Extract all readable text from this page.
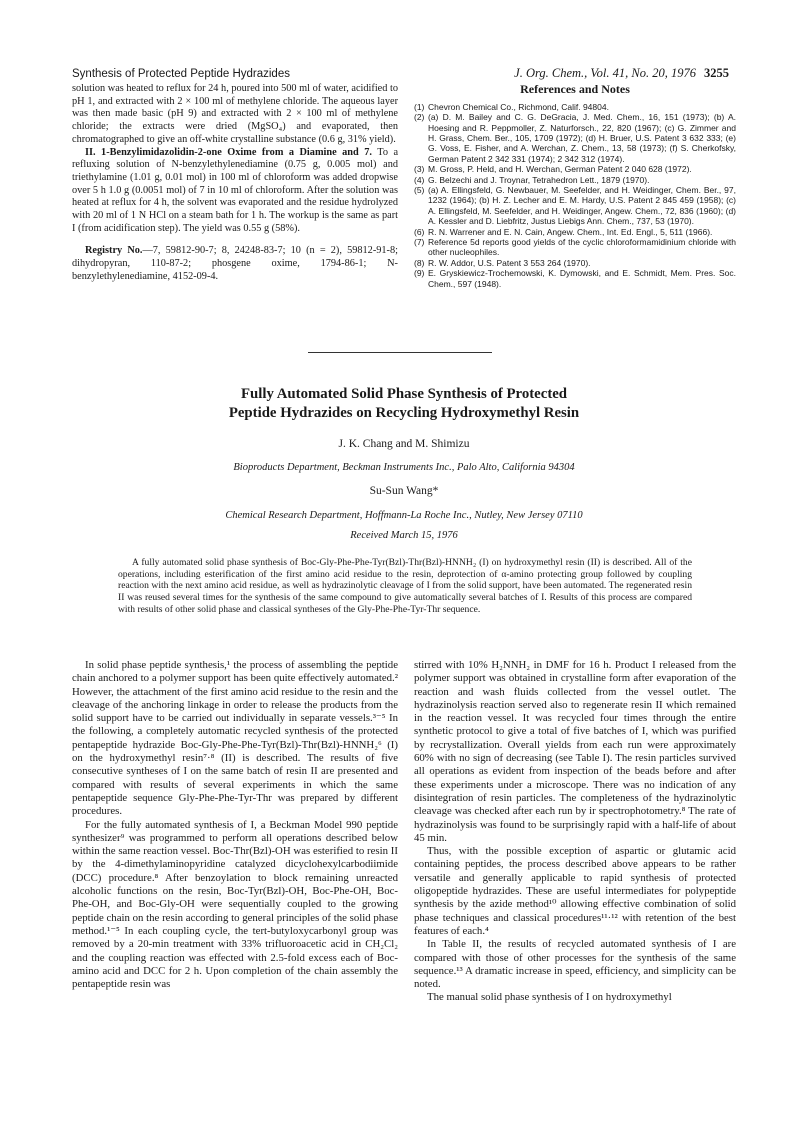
Synthesis of Protected Peptide Hydrazides	J. Org. Chem., Vol. 41, No. 20, 1976 3255

solution was heated to reflux for 24 h, poured into 500 ml of water, acidified to pH 1, and extracted with 2 × 100 ml of methylene chloride. The aqueous layer was then made basic (pH 9) and extracted with 2 × 100 ml of methylene chloride; the extracts were dried (MgSO₄) and evaporated, then chromatographed to give an off-white crystalline substance (0.6 g, 31% yield).

II. 1-Benzylimidazolidin-2-one Oxime from a Diamine and 7. To a refluxing solution of N-benzylethylenediamine (0.75 g, 0.005 mol) and triethylamine (1.01 g, 0.01 mol) in 100 ml of chloroform was added dropwise over 5 h 1.0 g (0.0051 mol) of 7 in 10 ml of chloroform. After the solution was heated at reflux for 4 h, the solvent was evaporated and the residue hydrolyzed with 20 ml of 1 N HCl on a steam bath for 1 h. The workup is the same as part I (from acidification step). The yield was 0.55 g (58%).

Registry No.—7, 59812-90-7; 8, 24248-83-7; 10 (n = 2), 59812-91-8; dihydropyran, 110-87-2; phosgene oxime, 1794-86-1; N-benzylethylenediamine, 4152-09-4.

References and Notes
(1) Chevron Chemical Co., Richmond, Calif. 94804.
(2) (a) D. M. Bailey and C. G. DeGracia, J. Med. Chem., 16, 151 (1973); (b) A. Hoesing and R. Peppmoller, Z. Naturforsch., 22, 820 (1967); (c) G. Zimmer and H. Grass, Chem. Ber., 105, 1709 (1972); (d) H. Bruer, U.S. Patent 3 632 333; (e) G. Voss, E. Fisher, and A. Werchan, Z. Chem., 13, 58 (1973); (f) S. Cherkofsky, German Patent 2 342 331 (1974); 2 342 312 (1974).
(3) M. Gross, P. Held, and H. Werchan, German Patent 2 040 628 (1972).
(4) G. Belzechi and J. Troynar, Tetrahedron Lett., 1879 (1970).
(5) (a) A. Ellingsfeld, G. Newbauer, M. Seefelder, and H. Weidinger, Chem. Ber., 97, 1232 (1964); (b) H. Z. Lecher and E. M. Hardy, U.S. Patent 2 845 459 (1958); (c) A. Ellingsfeld, M. Seefelder, and H. Weidinger, Angew. Chem., 72, 836 (1960); (d) A. Kessler and D. Liebfritz, Justus Liebigs Ann. Chem., 737, 53 (1970).
(6) R. N. Warrener and E. N. Cain, Angew. Chem., Int. Ed. Engl., 5, 511 (1966).
(7) Reference 5d reports good yields of the cyclic chloroformamidinium chloride with other nucleophiles.
(8) R. W. Addor, U.S. Patent 3 553 264 (1970).
(9) E. Gryskiewicz-Trochemowski, K. Dymowski, and E. Schmidt, Mem. Pres. Soc. Chem., 597 (1948).
Fully Automated Solid Phase Synthesis of Protected
Peptide Hydrazides on Recycling Hydroxymethyl Resin
J. K. Chang and M. Shimizu
Bioproducts Department, Beckman Instruments Inc., Palo Alto, California 94304
Su-Sun Wang*
Chemical Research Department, Hoffmann-La Roche Inc., Nutley, New Jersey 07110
Received March 15, 1976
A fully automated solid phase synthesis of Boc-Gly-Phe-Phe-Tyr(Bzl)-Thr(Bzl)-HNNH₂ (I) on hydroxymethyl resin (II) is described. All of the operations, including esterification of the first amino acid residue to the resin, deprotection of α-amino protecting group followed by coupling reaction with the next amino acid residue, as well as hydrazinolytic cleavage of I from the solid support, have been automated. The regenerated resin II was reused several times for the synthesis of the same compound to give automatically several batches of I. Results of this process are compared with results of other solid phase and classical syntheses of the Gly-Phe-Phe-Tyr-Thr sequence.

In solid phase peptide synthesis,¹ the process of assembling the peptide chain anchored to a polymer support has been quite effectively automated.² However, the attachment of the first amino acid residue to the resin and the cleavage of the anchoring linkage in order to release the products from the solid support have to be carried out individually in separate vessels.³⁻⁵ In the following, a completely automatic recycled synthesis of the protected pentapeptide hydrazide Boc-Gly-Phe-Phe-Tyr(Bzl)-Thr(Bzl)-HNNH₂⁶ (I) on the hydroxymethyl resin⁷·⁸ (II) is described. The results of five consecutive syntheses of I on the same batch of resin II are presented and compared with results of several experiments in which the same pentapeptide sequence Gly-Phe-Phe-Tyr-Thr was prepared by different procedures.

For the fully automated synthesis of I, a Beckman Model 990 peptide synthesizer⁹ was programmed to perform all operations described below within the same reaction vessel. Boc-Thr(Bzl)-OH was esterified to resin II by the 4-dimethylaminopyridine catalyzed dicyclohexylcarbodiimide (DCC) procedure.⁸ After benzoylation to block remaining unreacted alcoholic functions on the resin, Boc-Tyr(Bzl)-OH, Boc-Phe-OH, Boc-Phe-OH, and Boc-Gly-OH were sequentially coupled to the growing peptide chain on the resin according to general principles of the solid phase method.¹⁻⁵ In each coupling cycle, the tert-butyloxycarbonyl group was removed by a 20-min treatment with 33% trifluoroacetic acid in CH₂Cl₂ and the coupling reaction was effected with 2.5-fold excess each of Boc-amino acid and DCC for 2 h. Upon completion of the chain assembly the pentapeptide resin was

stirred with 10% H₂NNH₂ in DMF for 16 h. Product I released from the polymer support was obtained in crystalline form after evaporation of the reaction and wash fluids collected from the vessel outlet. The hydrazinolysis reaction served also to regenerate resin II which remained in the reaction vessel. It was recycled four times through the entire synthetic protocol to give a total of five batches of I, which was purified by recrystallization. Overall yields from each run were approximately 60% with no sign of decreasing (see Table I). The resin particles survived all operations as evident from inspection of the beads before and after these experiments under a microscope. There was no indication of any disintegration of resin particles. The completeness of the hydrazinolytic cleavage was checked after each run by ir spectrophotometry.⁸ The rate of hydrazinolysis was found to be surprisingly rapid with a half-life of about 45 min.

Thus, with the possible exception of aspartic or glutamic acid containing peptides, the process described above appears to be rather versatile and generally applicable to rapid synthesis of protected oligopeptide hydrazides. These are useful intermediates for polypeptide synthesis by the azide method¹⁰ allowing effective combination of solid phase techniques and classical procedures¹¹·¹² with retention of the best features of each.⁴

In Table II, the results of recycled automated synthesis of I are compared with those of other processes for the synthesis of the same sequence.¹³ A dramatic increase in speed, efficiency, and simplicity can be noted.

The manual solid phase synthesis of I on hydroxymethyl
